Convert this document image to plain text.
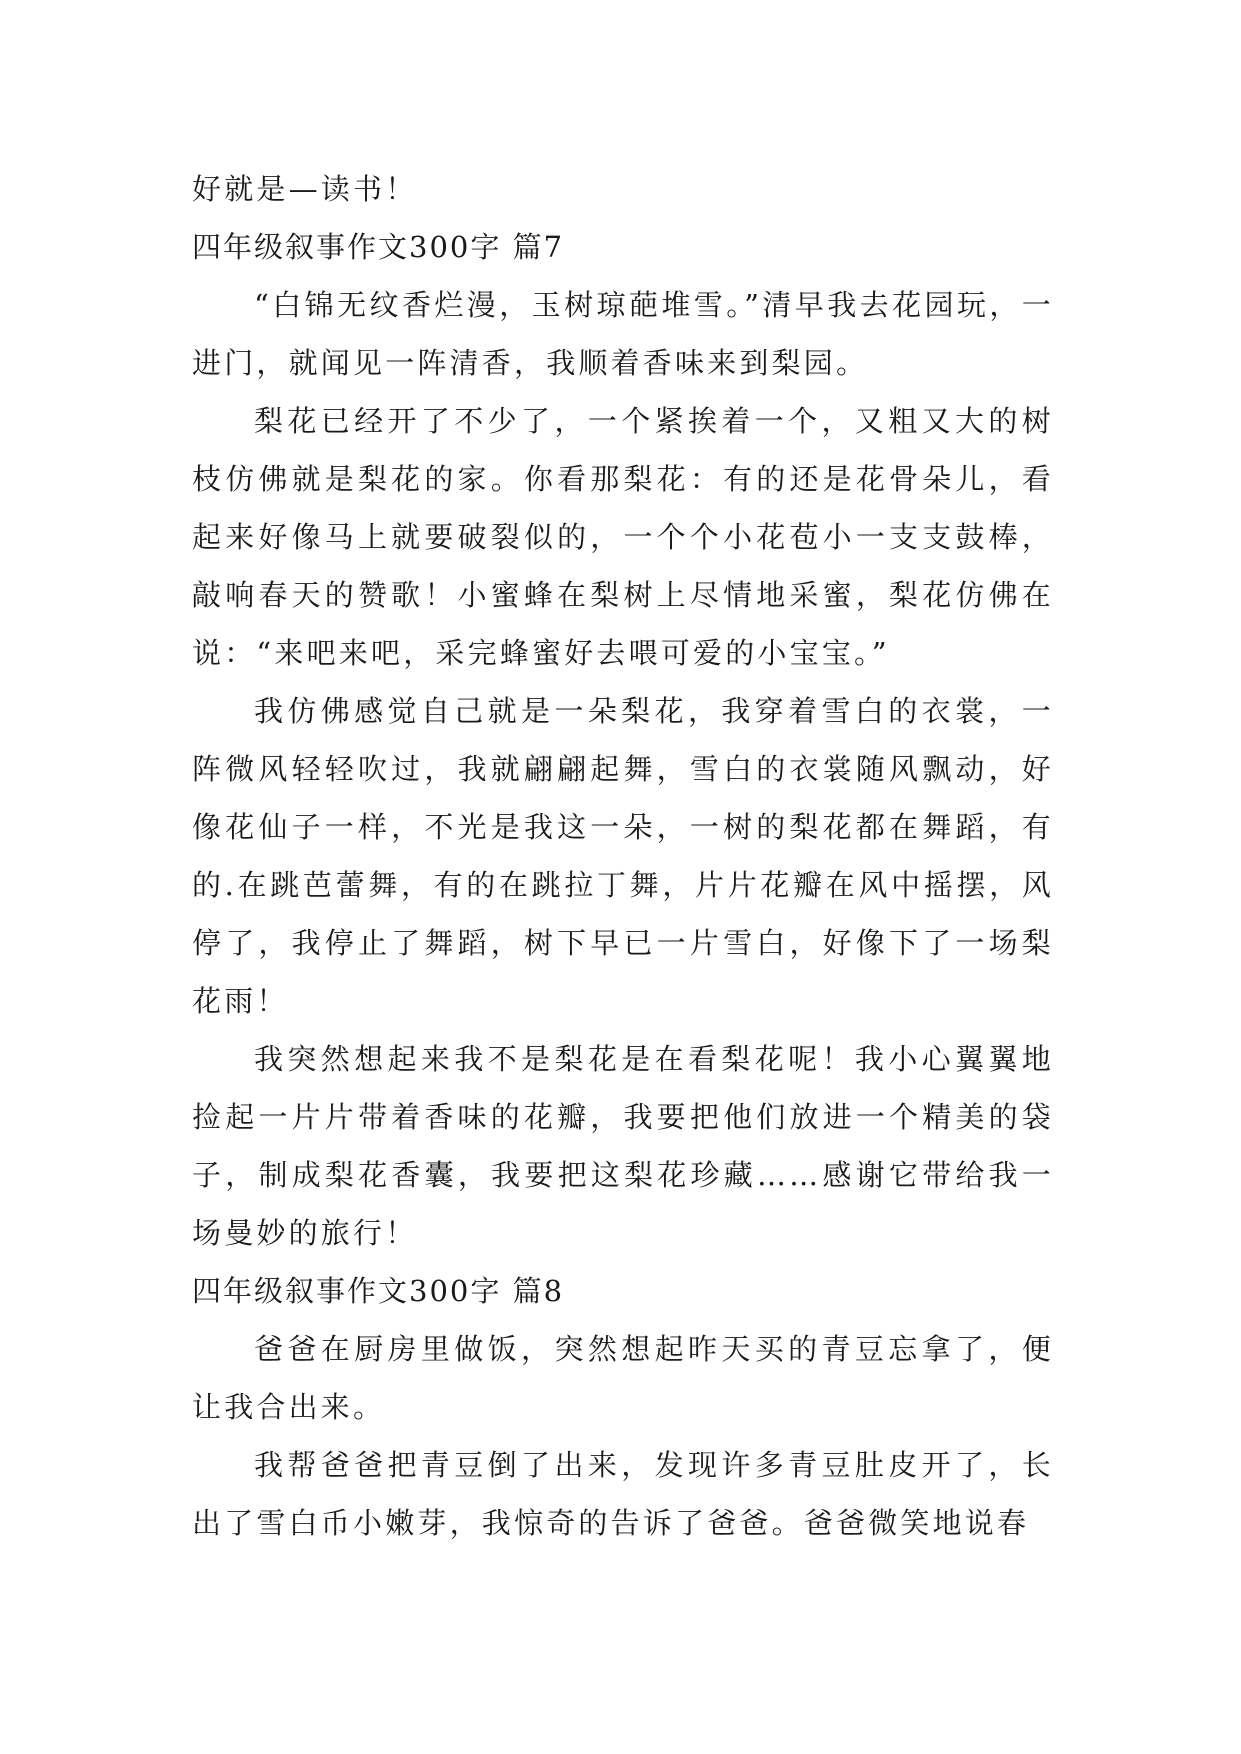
好就是—读书！

四年级叙事作文300字 篇7

“白锦无纹香烂漫，玉树琼葩堆雪。”清早我去花园玩，一进门，就闻见一阵清香，我顺着香味来到梨园。

梨花已经开了不少了，一个紧挨着一个，又粗又大的树枝仿佛就是梨花的家。你看那梨花：有的还是花骨朵儿，看起来好像马上就要破裂似的，一个个小花苞小一支支鼓棒，敲响春天的赞歌！小蜜蜂在梨树上尽情地采蜜，梨花仿佛在说：“来吧来吧，采完蜂蜜好去喂可爱的小宝宝。”

我仿佛感觉自己就是一朵梨花，我穿着雪白的衣裳，一阵微风轻轻吹过，我就翩翩起舞，雪白的衣裳随风飘动，好像花仙子一样，不光是我这一朵，一树的梨花都在舞蹈，有的.在跳芭蕾舞，有的在跳拉丁舞，片片花瓣在风中摇摆，风停了，我停止了舞蹈，树下早已一片雪白，好像下了一场梨花雨！

我突然想起来我不是梨花是在看梨花呢！我小心翼翼地捡起一片片带着香味的花瓣，我要把他们放进一个精美的袋子，制成梨花香囊，我要把这梨花珍藏……感谢它带给我一场曼妙的旅行！

四年级叙事作文300字 篇8

爸爸在厨房里做饭，突然想起昨天买的青豆忘拿了，便让我合出来。

我帮爸爸把青豆倒了出来，发现许多青豆肚皮开了，长出了雪白币小嫩芽，我惊奇的告诉了爸爸。爸爸微笑地说春
